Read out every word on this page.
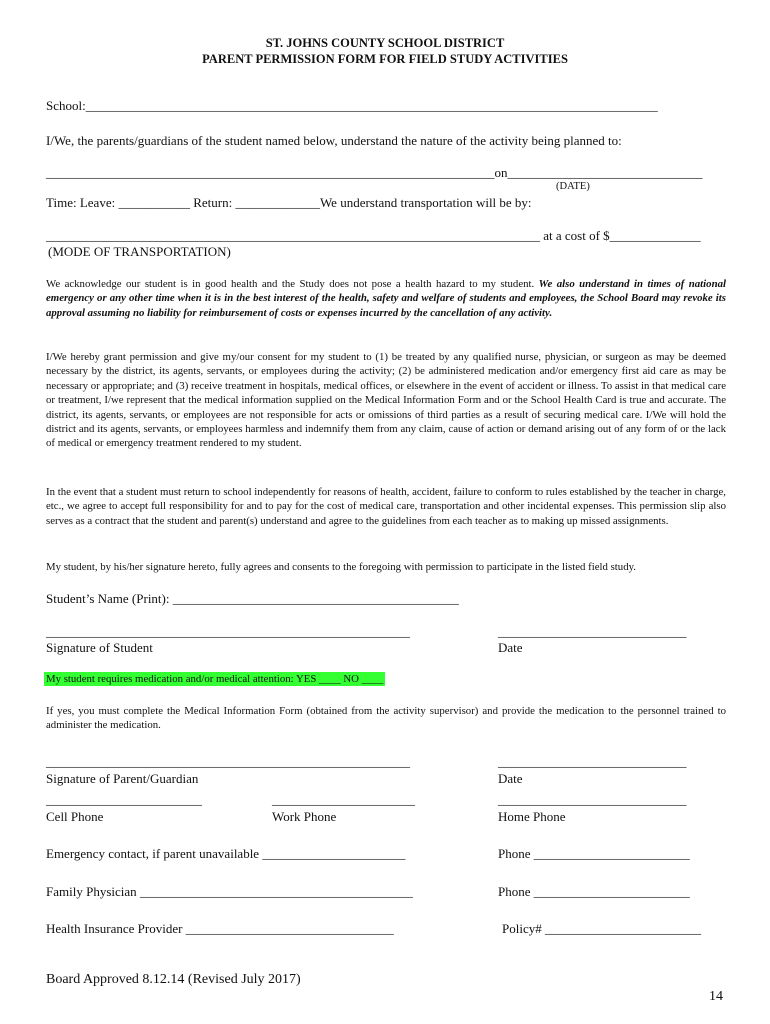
ST. JOHNS COUNTY SCHOOL DISTRICT
PARENT PERMISSION FORM FOR FIELD STUDY ACTIVITIES
School:________________________________________________________________________________________
I/We, the parents/guardians of the student named below, understand the nature of the activity being planned to:
_____________________________________________________________________on______________________________
(DATE)
Time: Leave: ___________ Return: _____________We understand transportation will be by:
____________________________________________________________________________ at a cost of $______________
(MODE OF TRANSPORTATION)
We acknowledge our student is in good health and the Study does not pose a health hazard to my student. We also understand in times of national emergency or any other time when it is in the best interest of the health, safety and welfare of students and employees, the School Board may revoke its approval assuming no liability for reimbursement of costs or expenses incurred by the cancellation of any activity.
I/We hereby grant permission and give my/our consent for my student to (1) be treated by any qualified nurse, physician, or surgeon as may be deemed necessary by the district, its agents, servants, or employees during the activity; (2) be administered medication and/or emergency first aid care as may be necessary or appropriate; and (3) receive treatment in hospitals, medical offices, or elsewhere in the event of accident or illness. To assist in that medical care or treatment, I/we represent that the medical information supplied on the Medical Information Form and or the School Health Card is true and accurate. The district, its agents, servants, or employees are not responsible for acts or omissions of third parties as a result of securing medical care. I/We will hold the district and its agents, servants, or employees harmless and indemnify them from any claim, cause of action or demand arising out of any form of or the lack of medical or emergency treatment rendered to my student.
In the event that a student must return to school independently for reasons of health, accident, failure to conform to rules established by the teacher in charge, etc., we agree to accept full responsibility for and to pay for the cost of medical care, transportation and other incidental expenses. This permission slip also serves as a contract that the student and parent(s) understand and agree to the guidelines from each teacher as to making up missed assignments.
My student, by his/her signature hereto, fully agrees and consents to the foregoing with permission to participate in the listed field study.
Student’s Name (Print): ____________________________________________
________________________________________________________	_____________________________
Signature of Student	Date
My student requires medication and/or medical attention: YES ____ NO ____
If yes, you must complete the Medical Information Form (obtained from the activity supervisor) and provide the medication to the personnel trained to administer the medication.
________________________________________________________	_____________________________
Signature of Parent/Guardian	Date
________________________	______________________	_____________________________
Cell Phone	Work Phone	Home Phone
Emergency contact, if parent unavailable ______________________	Phone ________________________
Family Physician __________________________________________	Phone ________________________
Health Insurance Provider ________________________________	Policy# ________________________
Board Approved 8.12.14 (Revised July 2017)
14
